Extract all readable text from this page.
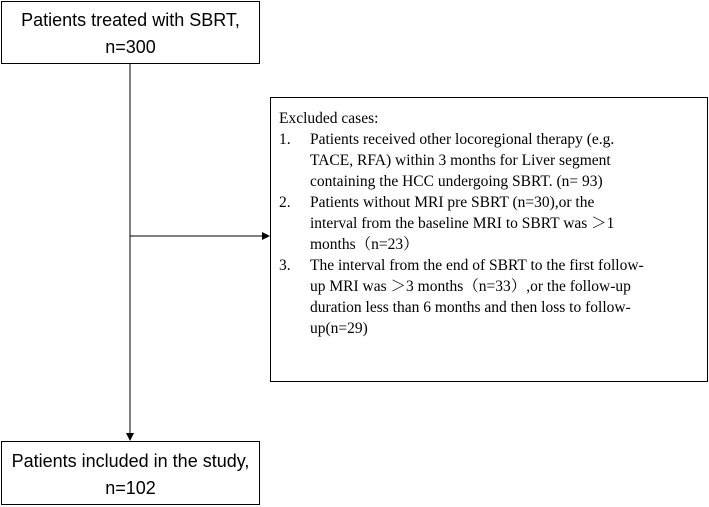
Patients treated with SBRT,
n=300
Excluded cases:
1.	Patients received other locoregional therapy (e.g.
TACE, RFA) within 3 months for Liver segment
containing the HCC undergoing SBRT. (n= 93)
2.	Patients without MRI pre SBRT (n=30),or the
interval from the baseline MRI to SBRT was ＞1
months（n=23）
3.	The interval from the end of SBRT to the first follow-
up MRI was ＞3 months（n=33）,or the follow-up
duration less than 6 months and then loss to follow-
up(n=29)
Patients included in the study,
n=102
